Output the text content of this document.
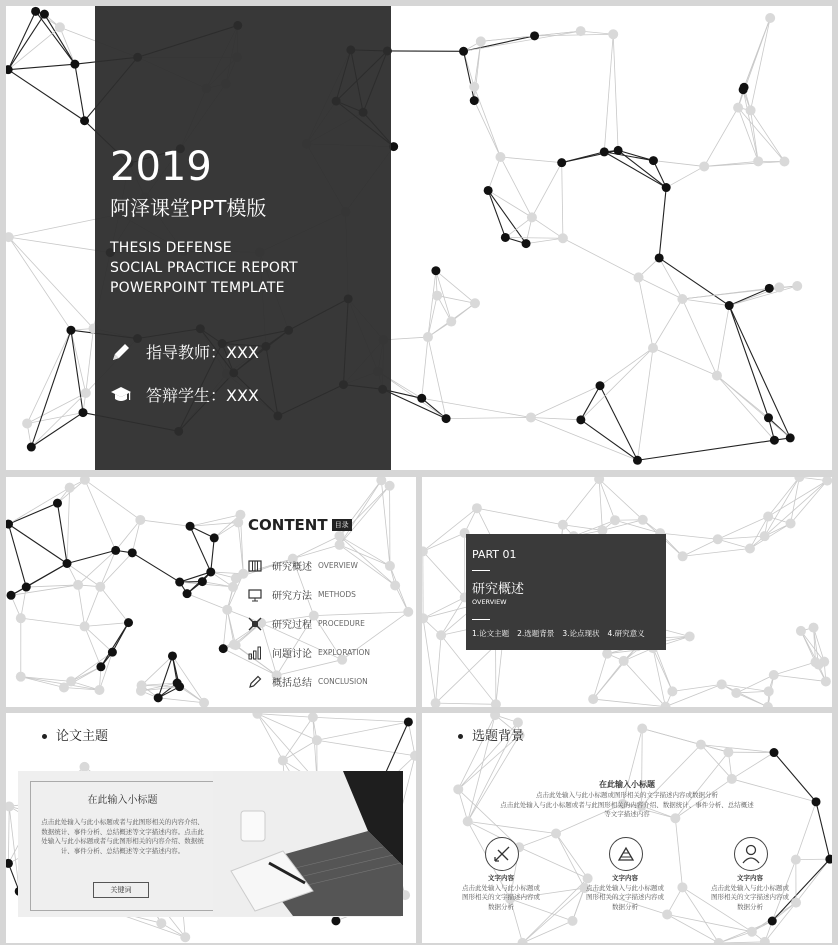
2019
阿泽课堂PPT模版
THESIS DEFENSE
SOCIAL PRACTICE REPORT
POWERPOINT TEMPLATE
指导教师：XXX
答辩学生：XXX
CONTENT	目录
研究概述 OVERVIEW
研究方法 METHODS
研究过程 PROCEDURE
问题讨论 EXPLORATION
概括总结 CONCLUSION
PART 01
研究概述
OVERVIEW
1.论文主题 2.选题背景 3.论点现状 4.研究意义
论文主题
在此输入小标题
点击此处输入与此小标题或者与此图形相关的内容介绍、数据统计、事件分析、总结概述等文字描述内容。点击此处输入与此小标题或者与此图形相关的内容介绍、数据统计、事件分析、总结概述等文字描述内容。
关键词
选题背景
在此输入小标题
点击此处输入与此小标题或图形相关的文字描述内容或数据分析
点击此处输入与此小标题或者与此图形相关的内容介绍、数据统计、事件分析、总结概述
等文字描述内容
文字内容
点击此处输入与此小标题或
图形相关的文字描述内容或
数据分析
文字内容
点击此处输入与此小标题或
图形相关的文字描述内容或
数据分析
文字内容
点击此处输入与此小标题或
图形相关的文字描述内容或
数据分析
